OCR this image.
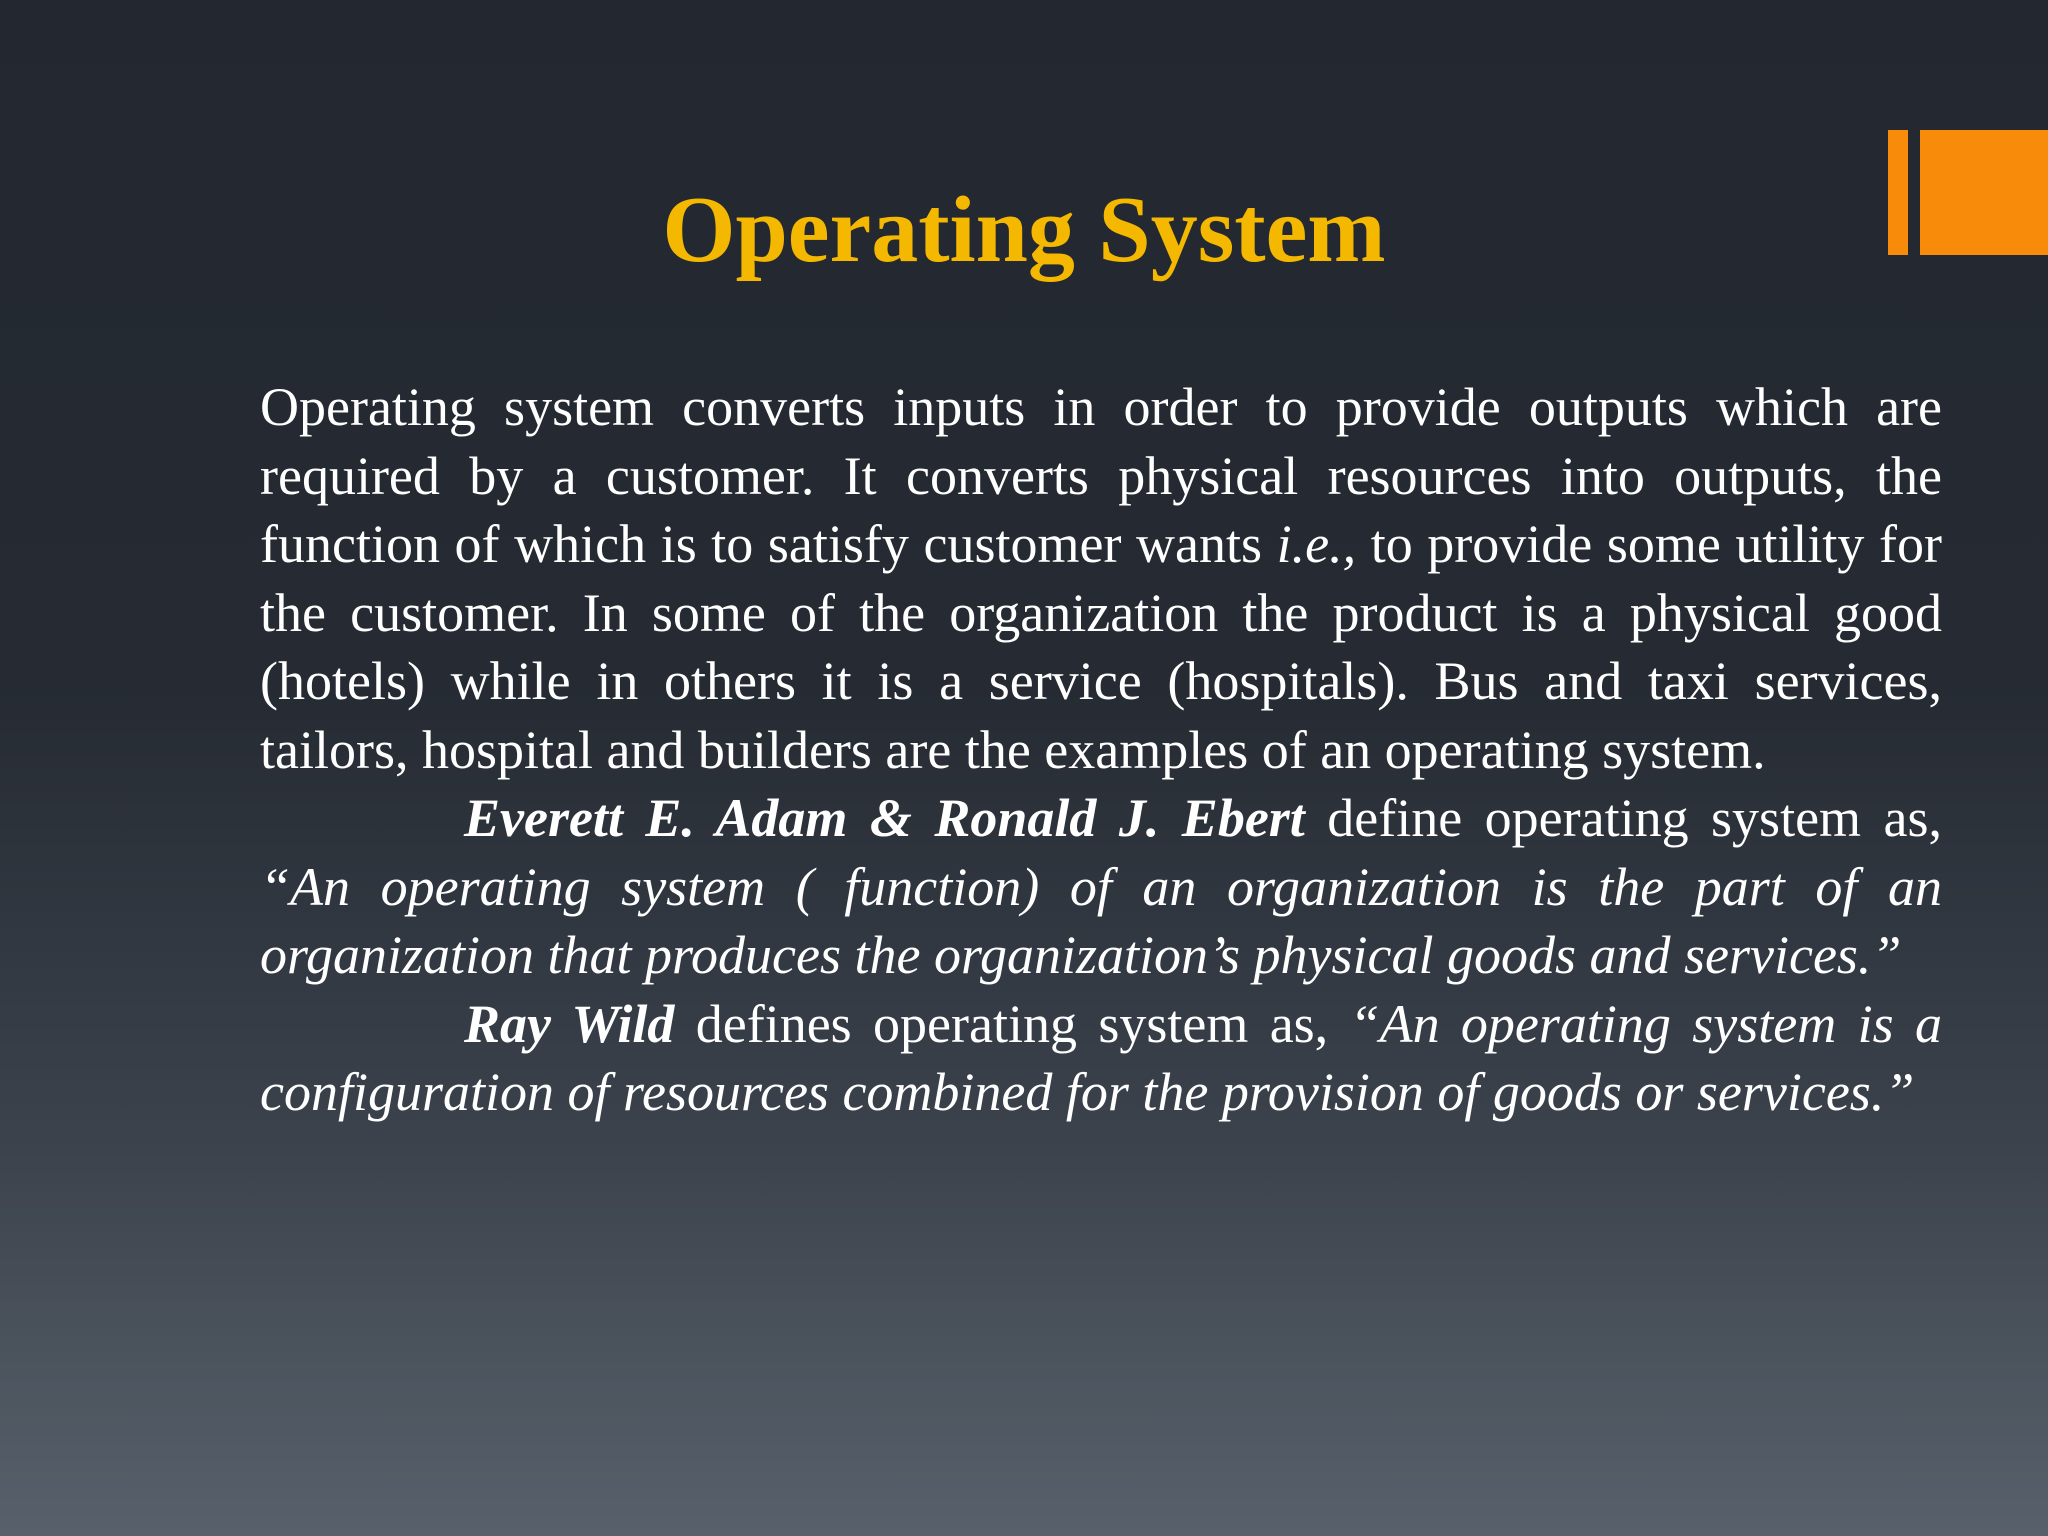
Operating System

Operating system converts inputs in order to provide outputs which are required by a customer. It converts physical resources into outputs, the function of which is to satisfy customer wants i.e., to provide some utility for the customer. In some of the organization the product is a physical good (hotels) while in others it is a service (hospitals). Bus and taxi services, tailors, hospital and builders are the examples of an operating system.

Everett E. Adam & Ronald J. Ebert define operating system as, “An operating system ( function) of an organization is the part of an organization that produces the organization’s physical goods and services.”

Ray Wild defines operating system as, “An operating system is a configuration of resources combined for the provision of goods or services.”
